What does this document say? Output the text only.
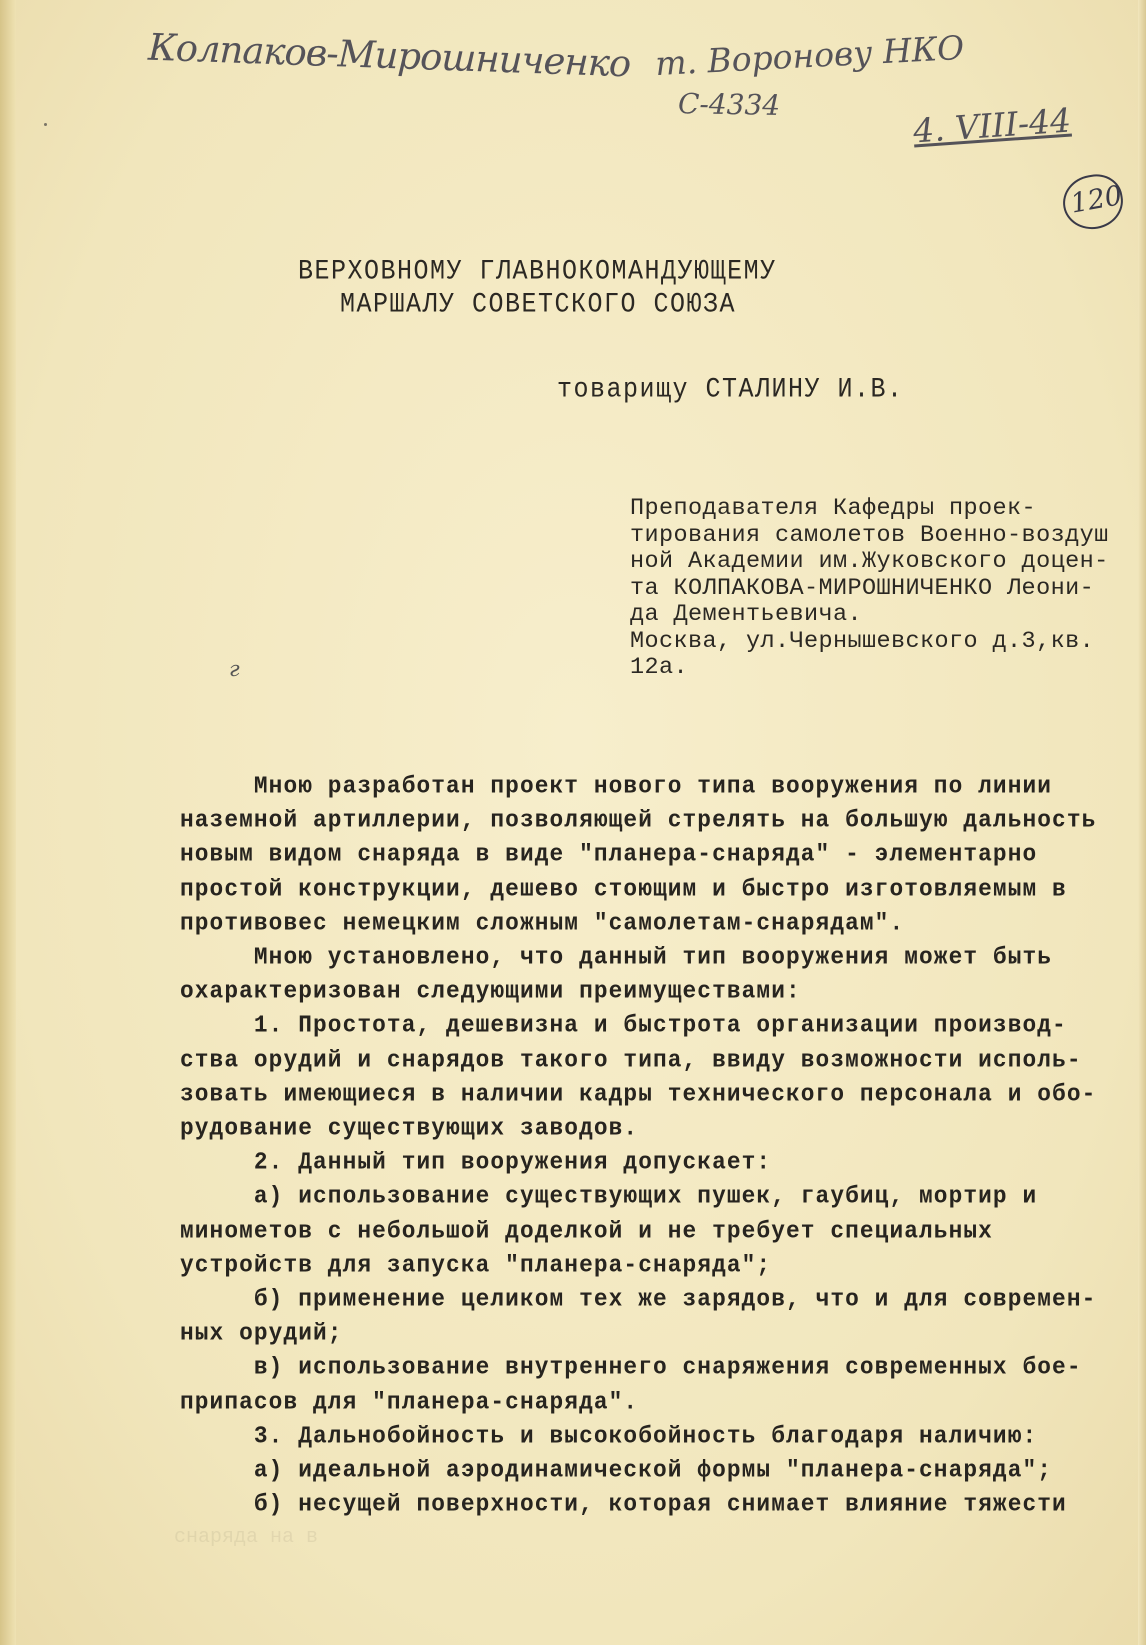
Колпаков-Мирошниченко т. Воронову НКО
С-4334	4. VIII-44
120
г
ВЕРХОВНОМУ ГЛАВНОКОМАНДУЮЩЕМУ
МАРШАЛУ СОВЕТСКОГО СОЮЗА
товарищу СТАЛИНУ И.В.
Преподавателя Кафедры проек-
тирования самолетов Военно-воздуш
ной Академии им.Жуковского доцен-
та КОЛПАКОВА-МИРОШНИЧЕНКО Леони-
да Дементьевича.
Москва, ул.Чернышевского д.3,кв.
12а.
Мною разработан проект нового типа вооружения по линии
наземной артиллерии, позволяющей стрелять на большую дальность
новым видом снаряда в виде "планера-снаряда" - элементарно
простой конструкции, дешево стоющим и быстро изготовляемым в
противовес немецким сложным "самолетам-снарядам".
Мною установлено, что данный тип вооружения может быть
охарактеризован следующими преимуществами:
1. Простота, дешевизна и быстрота организации производ-
ства орудий и снарядов такого типа, ввиду возможности исполь-
зовать имеющиеся в наличии кадры технического персонала и обо-
рудование существующих заводов.
2. Данный тип вооружения допускает:
а) использование существующих пушек, гаубиц, мортир и
минометов с небольшой доделкой и не требует специальных
устройств для запуска "планера-снаряда";
б) применение целиком тех же зарядов, что и для современ-
ных орудий;
в) использование внутреннего снаряжения современных бое-
припасов для "планера-снаряда".
3. Дальнобойность и высокобойность благодаря наличию:
а) идеальной аэродинамической формы "планера-снаряда";
б) несущей поверхности, которая снимает влияние тяжести
снаряда на в
